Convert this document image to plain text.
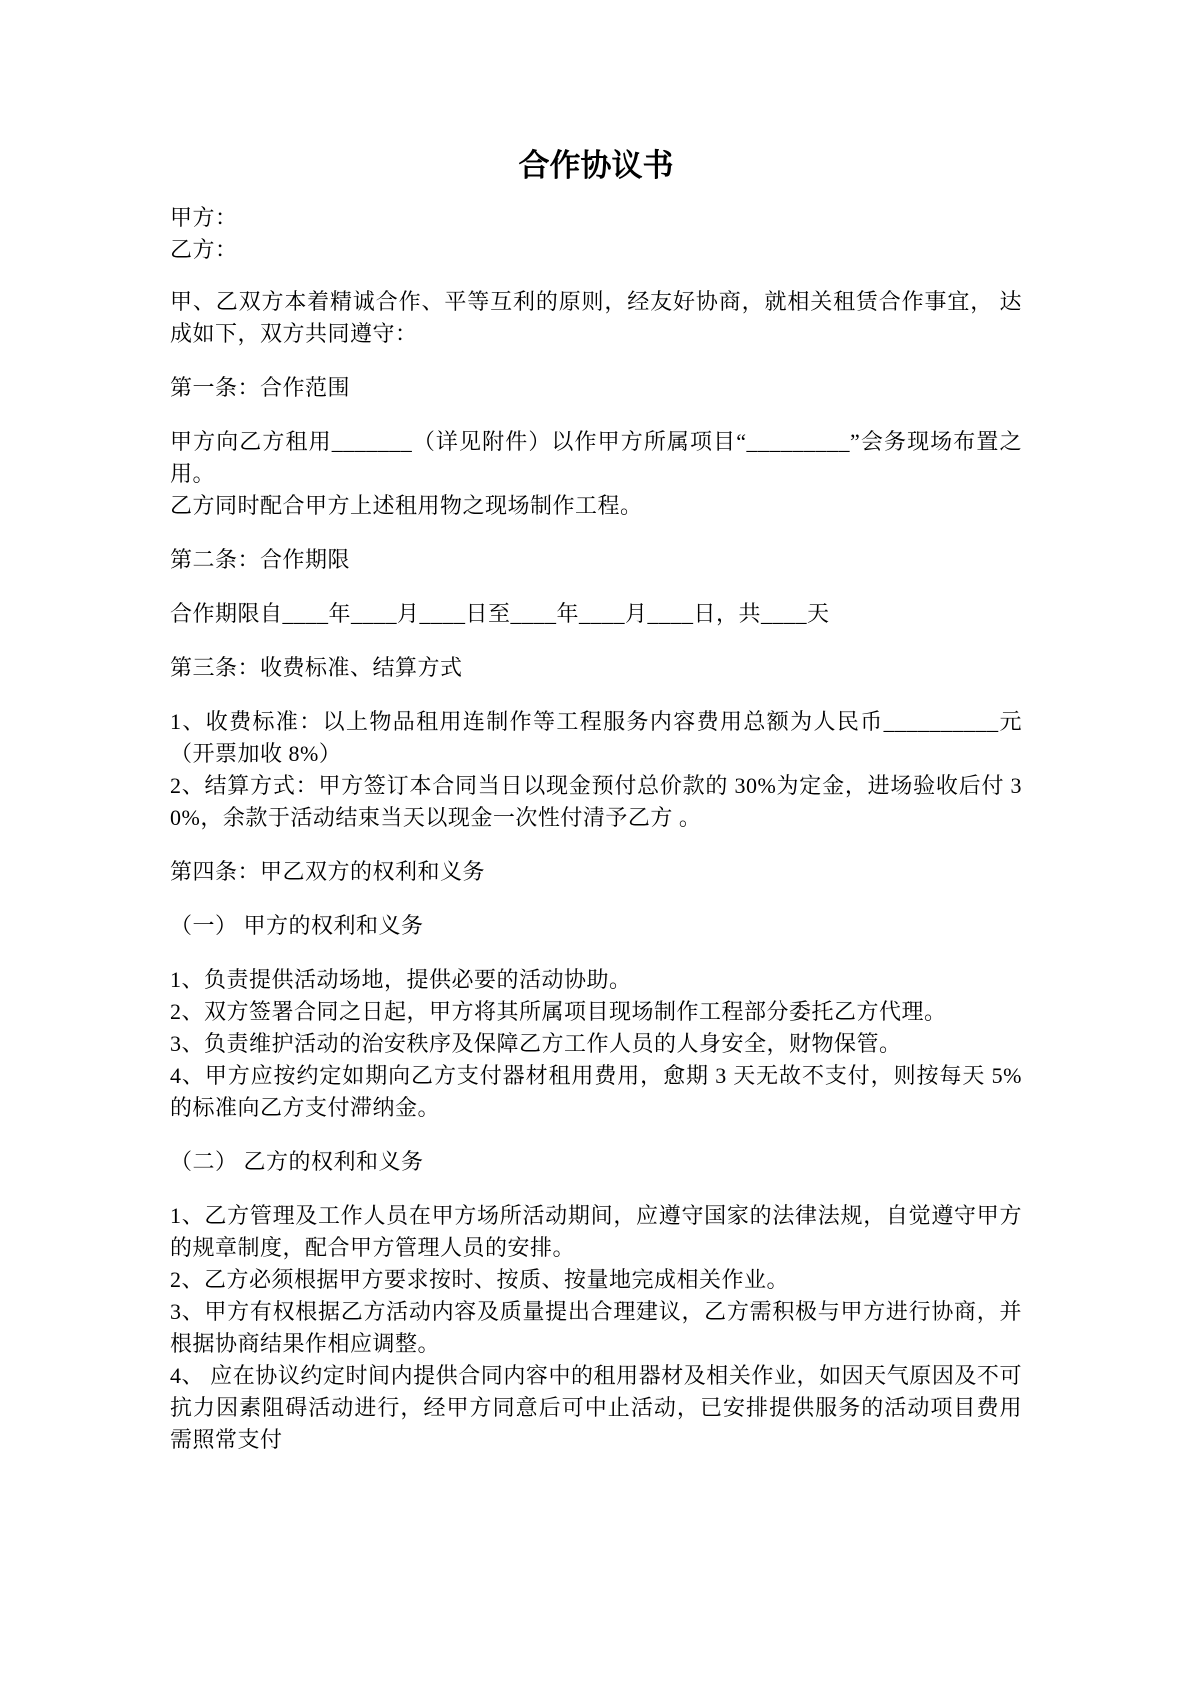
合作协议书

甲方：

乙方：

甲、乙双方本着精诚合作、平等互利的原则，经友好协商，就相关租赁合作事宜， 达成如下，双方共同遵守：

第一条：合作范围

甲方向乙方租用_______（详见附件）以作甲方所属项目“_________”会务现场布置之用。

乙方同时配合甲方上述租用物之现场制作工程。

第二条：合作期限

合作期限自____年____月____日至____年____月____日，共____天

第三条：收费标准、结算方式

1、收费标准：以上物品租用连制作等工程服务内容费用总额为人民币__________元 （开票加收 8%）

2、结算方式：甲方签订本合同当日以现金预付总价款的 30%为定金，进场验收后付 30%，余款于活动结束当天以现金一次性付清予乙方 。

第四条：甲乙双方的权利和义务

（一） 甲方的权利和义务

1、负责提供活动场地，提供必要的活动协助。

2、双方签署合同之日起，甲方将其所属项目现场制作工程部分委托乙方代理。

3、负责维护活动的治安秩序及保障乙方工作人员的人身安全，财物保管。

4、甲方应按约定如期向乙方支付器材租用费用，愈期 3 天无故不支付，则按每天 5%的标准向乙方支付滞纳金。

（二） 乙方的权利和义务

1、乙方管理及工作人员在甲方场所活动期间，应遵守国家的法律法规，自觉遵守甲方 的规章制度，配合甲方管理人员的安排。

2、乙方必须根据甲方要求按时、按质、按量地完成相关作业。

3、甲方有权根据乙方活动内容及质量提出合理建议，乙方需积极与甲方进行协商，并 根据协商结果作相应调整。

4、 应在协议约定时间内提供合同内容中的租用器材及相关作业，如因天气原因及不可抗力因素阻碍活动进行，经甲方同意后可中止活动，已安排提供服务的活动项目费用需照常支付
